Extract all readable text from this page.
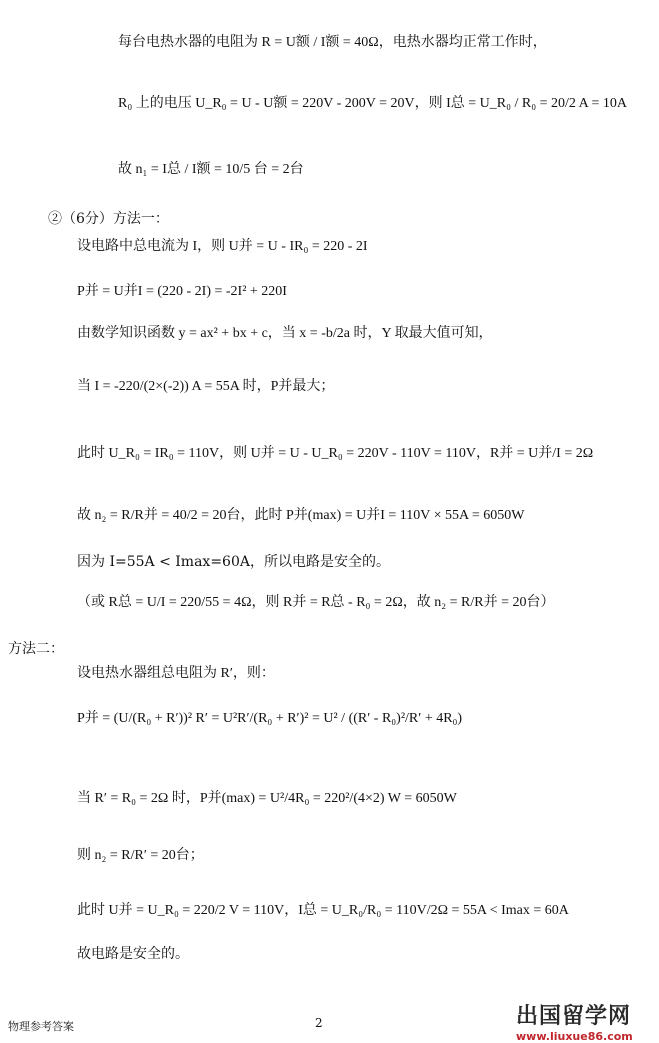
每台电热水器的电阻为 R = U额 / I额 = 40Ω，电热水器均正常工作时，
R₀ 上的电压 U_R₀ = U - U额 = 220V - 200V = 20V，则 I总 = U_R₀ / R₀ = 20/2 A = 10A
故 n₁ = I总 / I额 = 10/5 台 = 2台
②（6分）方法一：
设电路中总电流为 I，则 U并 = U - IR₀ = 220 - 2I
P并 = U并I = (220 - 2I) = -2I² + 220I
由数学知识函数 y = ax² + bx + c，当 x = -b/2a 时，Y 取最大值可知，
当 I = -220/(2×(-2)) A = 55A 时，P并最大；
此时 U_R₀ = IR₀ = 110V，则 U并 = U - U_R₀ = 220V - 110V = 110V，R并 = U并/I = 2Ω
故 n₂ = R/R并 = 40/2 = 20台，此时 P并(max) = U并I = 110V × 55A = 6050W
因为 I=55A < Imax=60A，所以电路是安全的。
（或 R总 = U/I = 220/55 = 4Ω，则 R并 = R总 - R₀ = 2Ω，故 n₂ = R/R并 = 20台）
方法二：
设电热水器组总电阻为 R′，则：
P并 = (U/(R₀ + R′))² R′ = U²R′/(R₀ + R′)² = U² / ((R′ - R₀)²/R′ + 4R₀)
当 R′ = R₀ = 2Ω 时，P并(max) = U²/4R₀ = 220²/(4×2) W = 6050W
则 n₂ = R/R′ = 20台；
此时 U并 = U_R₀ = 220/2 V = 110V，I总 = U_R₀/R₀ = 110V/2Ω = 55A < Imax = 60A
故电路是安全的。
物理参考答案	2	出国留学网
www.liuxue86.com
